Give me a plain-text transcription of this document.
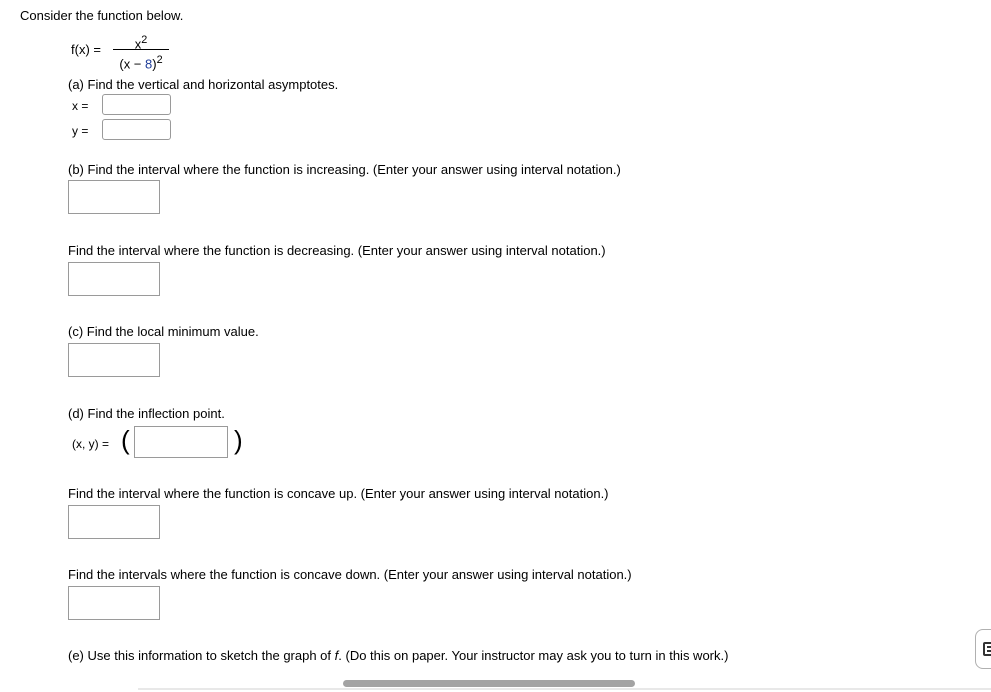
Consider the function below.
f(x) =	$x^2$
$(x - 8)^2$
(a) Find the vertical and horizontal asymptotes.
x =
y =
(b) Find the interval where the function is increasing. (Enter your answer using interval notation.)
Find the interval where the function is decreasing. (Enter your answer using interval notation.)
(c) Find the local minimum value.
(d) Find the inflection point.
(x, y) = (	)
Find the interval where the function is concave up. (Enter your answer using interval notation.)
Find the intervals where the function is concave down. (Enter your answer using interval notation.)
(e) Use this information to sketch the graph of f. (Do this on paper. Your instructor may ask you to turn in this work.)
